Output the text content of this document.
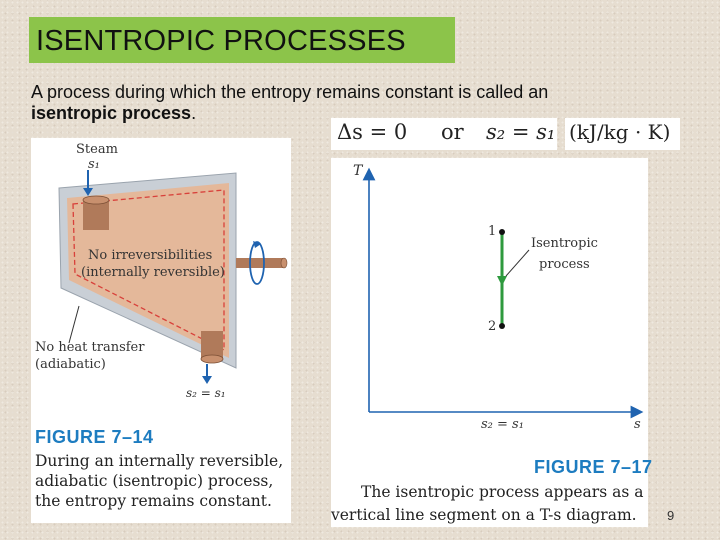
ISENTROPIC PROCESSES
A process during which the entropy remains constant is called an isentropic process.
Δs = 0 or s₂ = s₁ (kJ/kg · K)
Steam
s₁
No irreversibilities
(internally reversible)
No heat transfer
(adiabatic)
s₂ = s₁
FIGURE 7–14
During an internally reversible,
adiabatic (isentropic) process,
the entropy remains constant.
T
s
1
2
Isentropic
process
s₂ = s₁
FIGURE 7–17
The isentropic process appears as a
vertical line segment on a T-s diagram. 9
